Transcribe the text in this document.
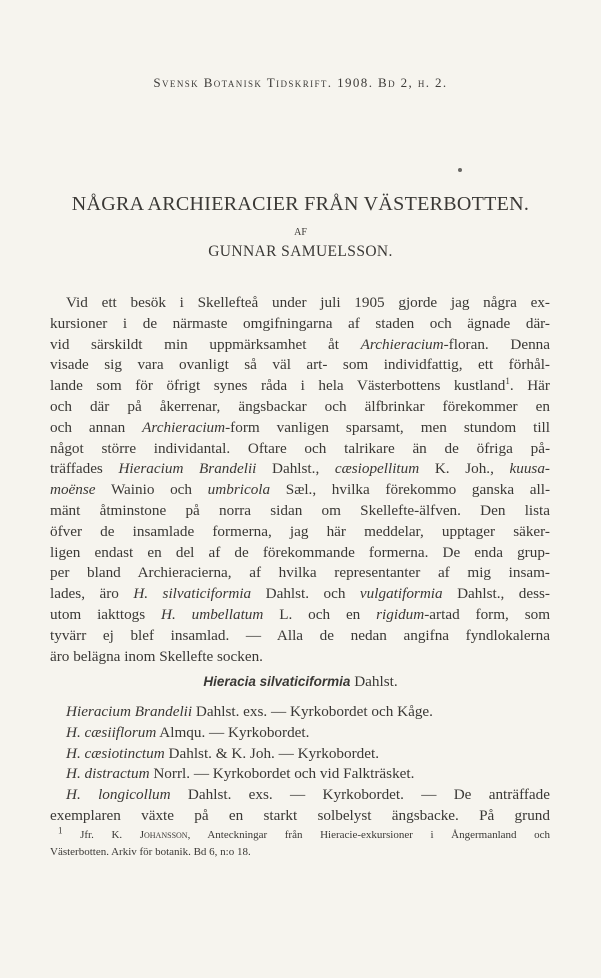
Svensk Botanisk Tidskrift. 1908. Bd 2, h. 2.
NÅGRA ARCHIERACIER FRÅN VÄSTERBOTTEN.
AF
GUNNAR SAMUELSSON.
Vid ett besök i Skellefteå under juli 1905 gjorde jag några ex-
kursioner i de närmaste omgifningarna af staden och ägnade där-
vid särskildt min uppmärksamhet åt Archieracium-floran. Denna
visade sig vara ovanligt så väl art- som individfattig, ett förhål-
lande som för öfrigt synes råda i hela Västerbottens kustland$^1$. Här
och där på åkerrenar, ängsbackar och älfbrinkar förekommer en
och annan Archieracium-form vanligen sparsamt, men stundom till
något större individantal. Oftare och talrikare än de öfriga på-
träffades Hieracium Brandelii Dahlst., cæsiopellitum K. Joh., kuusa-
moënse Wainio och umbricola Sæl., hvilka förekommo ganska all-
mänt åtminstone på norra sidan om Skellefte-älfven. Den lista
öfver de insamlade formerna, jag här meddelar, upptager säker-
ligen endast en del af de förekommande formerna. De enda grup-
per bland Archieracierna, af hvilka representanter af mig insam-
lades, äro H. silvaticiformia Dahlst. och vulgatiformia Dahlst., dess-
utom iakttogs H. umbellatum L. och en rigidum-artad form, som
tyvärr ej blef insamlad. — Alla de nedan angifna fyndlokalerna
äro belägna inom Skellefte socken.
Hieracia silvaticiformia Dahlst.
Hieracium Brandelii Dahlst. exs. — Kyrkobordet och Kåge.
H. cæsiiflorum Almqu. — Kyrkobordet.
H. cæsiotinctum Dahlst. & K. Joh. — Kyrkobordet.
H. distractum Norrl. — Kyrkobordet och vid Falkträsket.
H. longicollum Dahlst. exs. — Kyrkobordet. — De anträffade
exemplaren växte på en starkt solbelyst ängsbacke. På grund
$^1$ Jfr. K. Johansson, Anteckningar från Hieracie-exkursioner i Ångermanland och
Västerbotten. Arkiv för botanik. Bd 6, n:o 18.
